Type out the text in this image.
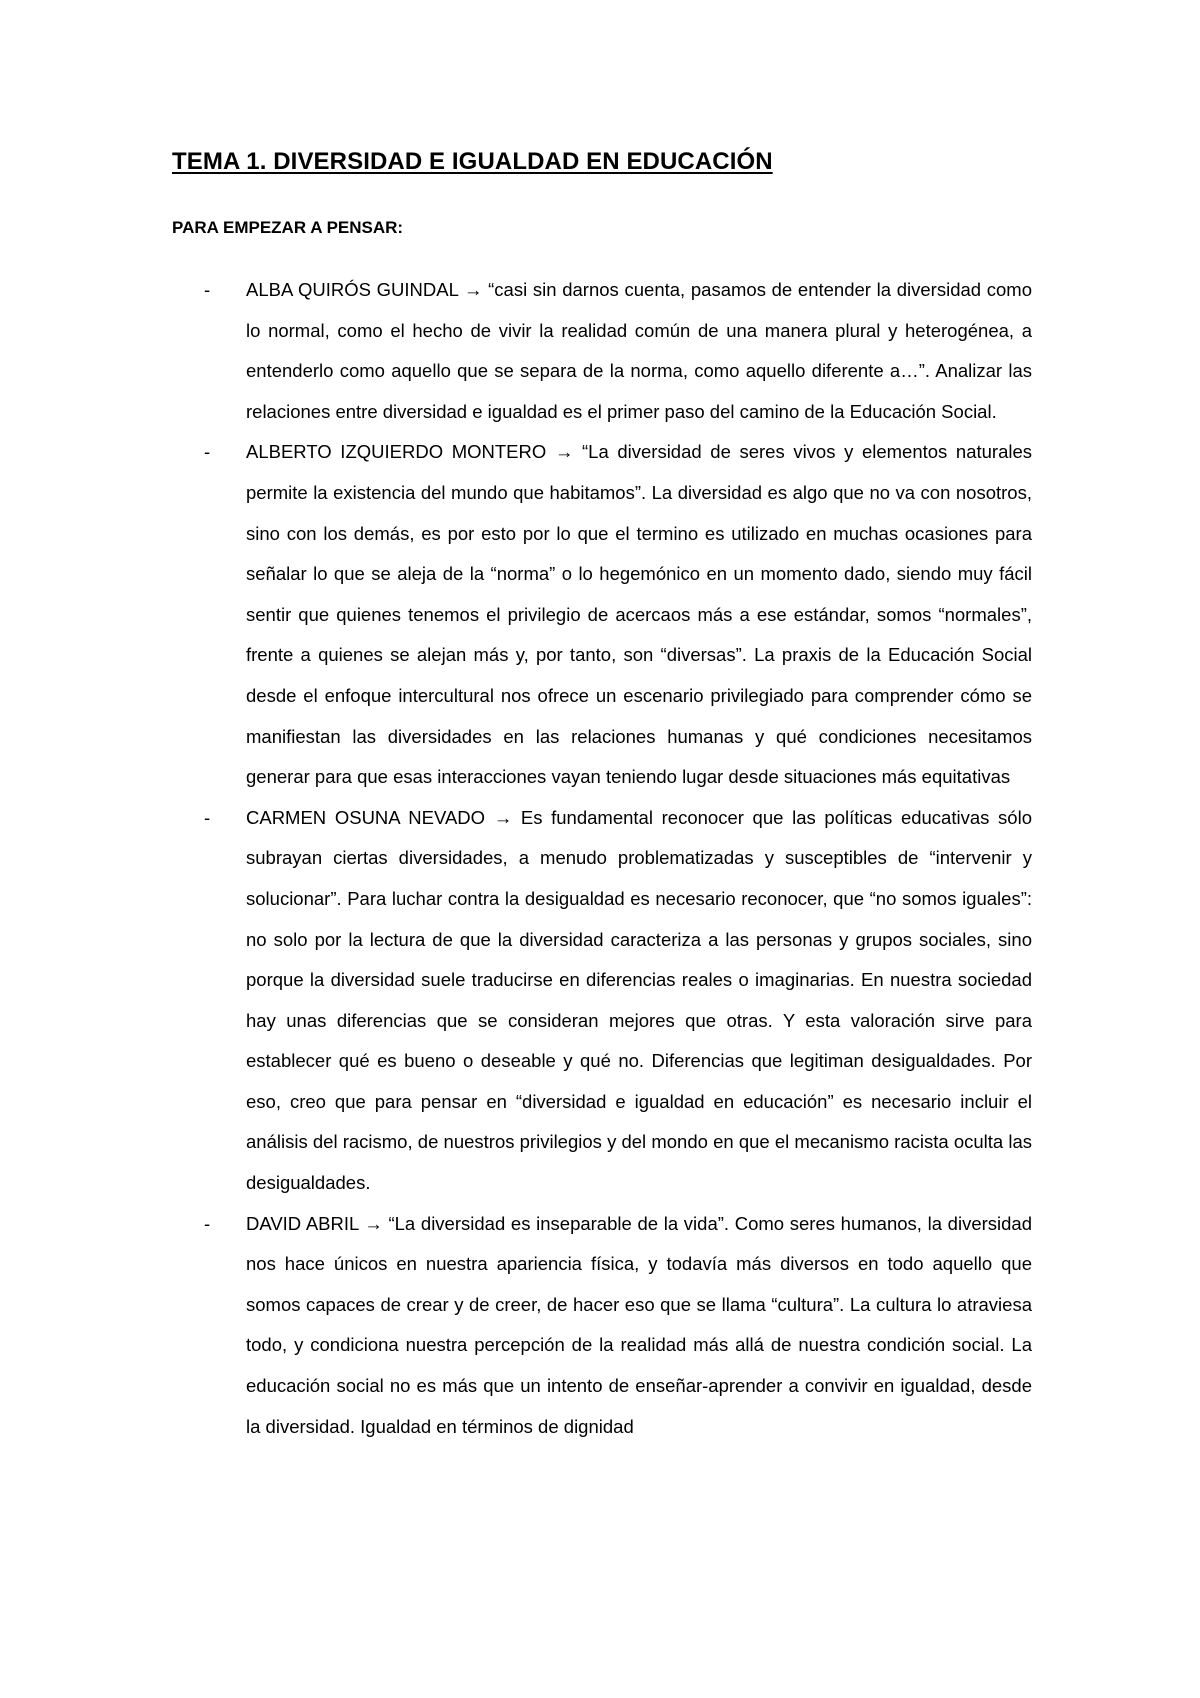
TEMA 1. DIVERSIDAD E IGUALDAD EN EDUCACIÓN
PARA EMPEZAR A PENSAR:
- ALBA QUIRÓS GUINDAL → “casi sin darnos cuenta, pasamos de entender la diversidad como lo normal, como el hecho de vivir la realidad común de una manera plural y heterogénea, a entenderlo como aquello que se separa de la norma, como aquello diferente a…”. Analizar las relaciones entre diversidad e igualdad es el primer paso del camino de la Educación Social.
- ALBERTO IZQUIERDO MONTERO → “La diversidad de seres vivos y elementos naturales permite la existencia del mundo que habitamos”. La diversidad es algo que no va con nosotros, sino con los demás, es por esto por lo que el termino es utilizado en muchas ocasiones para señalar lo que se aleja de la “norma” o lo hegemónico en un momento dado, siendo muy fácil sentir que quienes tenemos el privilegio de acercaos más a ese estándar, somos “normales”, frente a quienes se alejan más y, por tanto, son “diversas”. La praxis de la Educación Social desde el enfoque intercultural nos ofrece un escenario privilegiado para comprender cómo se manifiestan las diversidades en las relaciones humanas y qué condiciones necesitamos generar para que esas interacciones vayan teniendo lugar desde situaciones más equitativas
- CARMEN OSUNA NEVADO → Es fundamental reconocer que las políticas educativas sólo subrayan ciertas diversidades, a menudo problematizadas y susceptibles de “intervenir y solucionar”. Para luchar contra la desigualdad es necesario reconocer, que “no somos iguales”: no solo por la lectura de que la diversidad caracteriza a las personas y grupos sociales, sino porque la diversidad suele traducirse en diferencias reales o imaginarias. En nuestra sociedad hay unas diferencias que se consideran mejores que otras. Y esta valoración sirve para establecer qué es bueno o deseable y qué no. Diferencias que legitiman desigualdades. Por eso, creo que para pensar en “diversidad e igualdad en educación” es necesario incluir el análisis del racismo, de nuestros privilegios y del mondo en que el mecanismo racista oculta las desigualdades.
- DAVID ABRIL → “La diversidad es inseparable de la vida”. Como seres humanos, la diversidad nos hace únicos en nuestra apariencia física, y todavía más diversos en todo aquello que somos capaces de crear y de creer, de hacer eso que se llama “cultura”. La cultura lo atraviesa todo, y condiciona nuestra percepción de la realidad más allá de nuestra condición social. La educación social no es más que un intento de enseñar-aprender a convivir en igualdad, desde la diversidad. Igualdad en términos de dignidad
